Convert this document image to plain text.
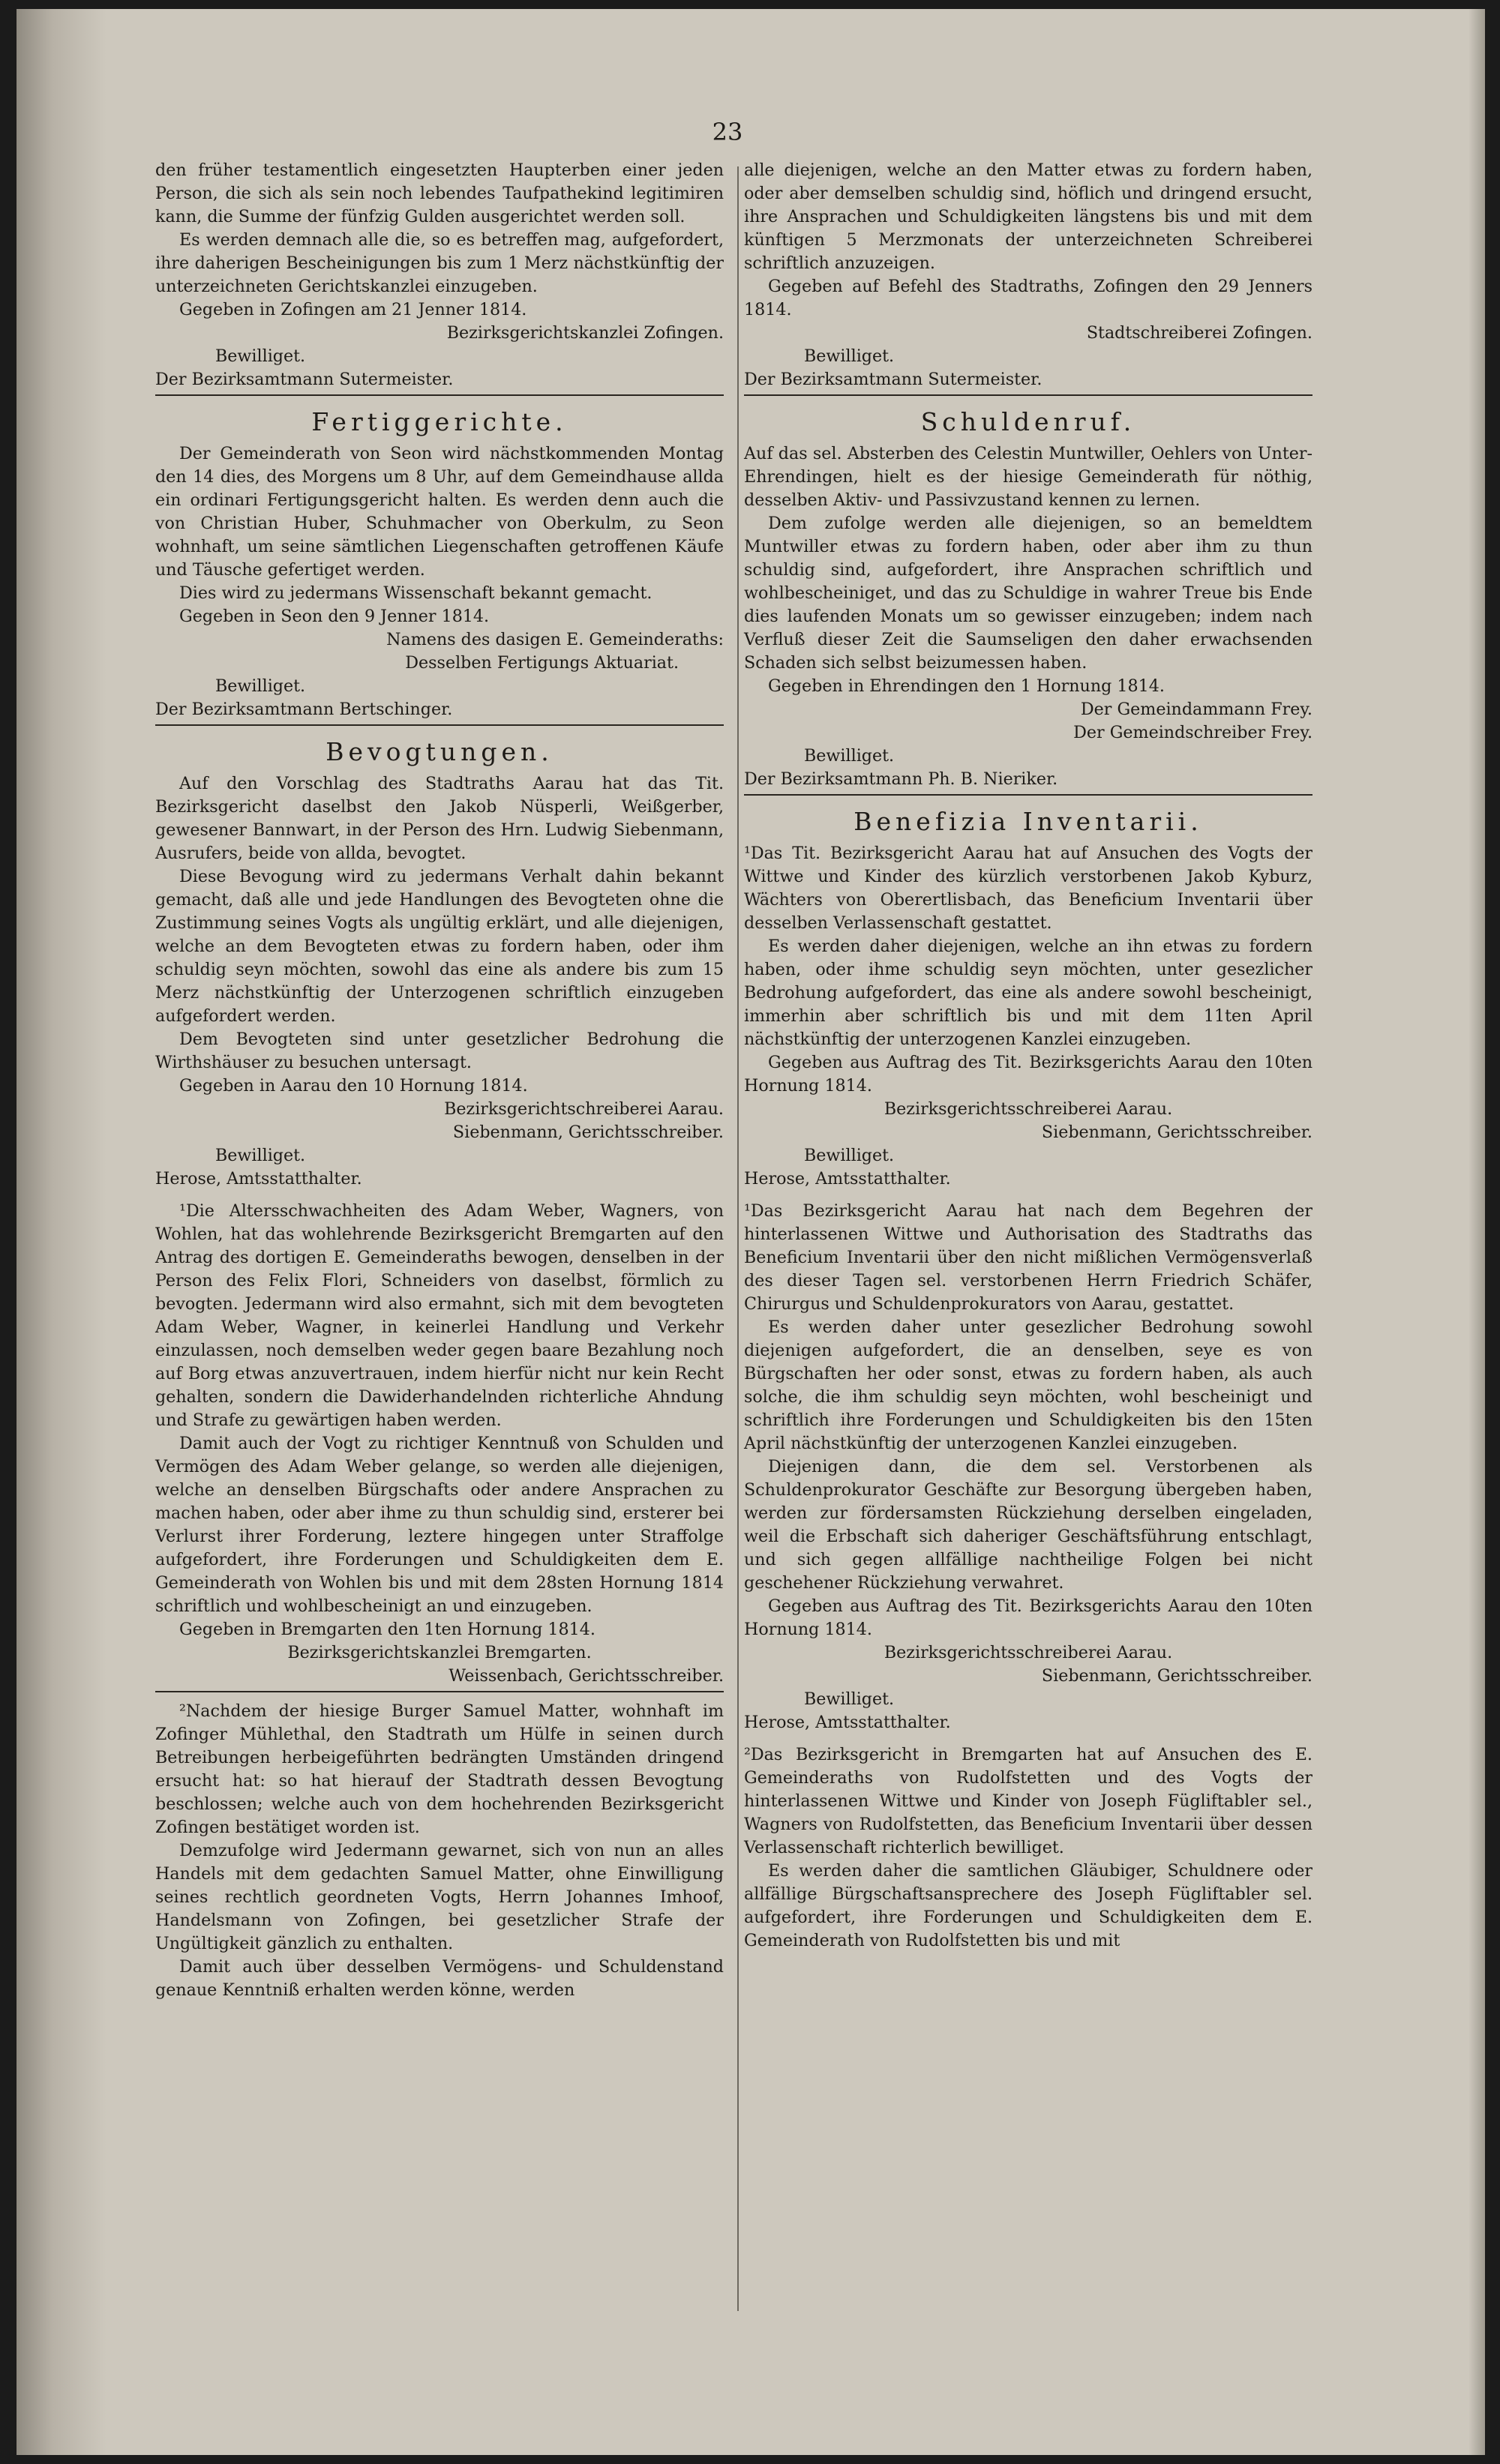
23

den früher testamentlich eingesetzten Haupterben einer jeden Person, die sich als sein noch lebendes Taufpathekind legitimiren kann, die Summe der fünfzig Gulden ausgerichtet werden soll.

Es werden demnach alle die, so es betreffen mag, aufgefordert, ihre daherigen Bescheinigungen bis zum 1 Merz nächstkünftig der unterzeichneten Gerichtskanzlei einzugeben.

Gegeben in Zofingen am 21 Jenner 1814.

Bezirksgerichtskanzlei Zofingen.

Bewilliget.

Der Bezirksamtmann Sutermeister.

Fertiggerichte.

Der Gemeinderath von Seon wird nächstkommenden Montag den 14 dies, des Morgens um 8 Uhr, auf dem Gemeindhause allda ein ordinari Fertigungsgericht halten. Es werden denn auch die von Christian Huber, Schuhmacher von Oberkulm, zu Seon wohnhaft, um seine sämtlichen Liegenschaften getroffenen Käufe und Täusche gefertiget werden.

Dies wird zu jedermans Wissenschaft bekannt gemacht.

Gegeben in Seon den 9 Jenner 1814.

Namens des dasigen E. Gemeinderaths:

Desselben Fertigungs Aktuariat.

Bewilliget.

Der Bezirksamtmann Bertschinger.

Bevogtungen.

Auf den Vorschlag des Stadtraths Aarau hat das Tit. Bezirksgericht daselbst den Jakob Nüsperli, Weißgerber, gewesener Bannwart, in der Person des Hrn. Ludwig Siebenmann, Ausrufers, beide von allda, bevogtet.

Diese Bevogung wird zu jedermans Verhalt dahin bekannt gemacht, daß alle und jede Handlungen des Bevogteten ohne die Zustimmung seines Vogts als ungültig erklärt, und alle diejenigen, welche an dem Bevogteten etwas zu fordern haben, oder ihm schuldig seyn möchten, sowohl das eine als andere bis zum 15 Merz nächstkünftig der Unterzogenen schriftlich einzugeben aufgefordert werden.

Dem Bevogteten sind unter gesetzlicher Bedrohung die Wirthshäuser zu besuchen untersagt.

Gegeben in Aarau den 10 Hornung 1814.

Bezirksgerichtschreiberei Aarau.

Siebenmann, Gerichtsschreiber.

Bewilliget.

Herose, Amtsstatthalter.

¹Die Altersschwachheiten des Adam Weber, Wagners, von Wohlen, hat das wohlehrende Bezirksgericht Bremgarten auf den Antrag des dortigen E. Gemeinderaths bewogen, denselben in der Person des Felix Flori, Schneiders von daselbst, förmlich zu bevogten. Jedermann wird also ermahnt, sich mit dem bevogteten Adam Weber, Wagner, in keinerlei Handlung und Verkehr einzulassen, noch demselben weder gegen baare Bezahlung noch auf Borg etwas anzuvertrauen, indem hierfür nicht nur kein Recht gehalten, sondern die Dawiderhandelnden richterliche Ahndung und Strafe zu gewärtigen haben werden.

Damit auch der Vogt zu richtiger Kenntnuß von Schulden und Vermögen des Adam Weber gelange, so werden alle diejenigen, welche an denselben Bürgschafts oder andere Ansprachen zu machen haben, oder aber ihme zu thun schuldig sind, ersterer bei Verlurst ihrer Forderung, leztere hingegen unter Straffolge aufgefordert, ihre Forderungen und Schuldigkeiten dem E. Gemeinderath von Wohlen bis und mit dem 28sten Hornung 1814 schriftlich und wohlbescheinigt an und einzugeben.

Gegeben in Bremgarten den 1ten Hornung 1814.

Bezirksgerichtskanzlei Bremgarten.

Weissenbach, Gerichtsschreiber.

²Nachdem der hiesige Burger Samuel Matter, wohnhaft im Zofinger Mühlethal, den Stadtrath um Hülfe in seinen durch Betreibungen herbeigeführten bedrängten Umständen dringend ersucht hat: so hat hierauf der Stadtrath dessen Bevogtung beschlossen; welche auch von dem hochehrenden Bezirksgericht Zofingen bestätiget worden ist.

Demzufolge wird Jedermann gewarnet, sich von nun an alles Handels mit dem gedachten Samuel Matter, ohne Einwilligung seines rechtlich geordneten Vogts, Herrn Johannes Imhoof, Handelsmann von Zofingen, bei gesetzlicher Strafe der Ungültigkeit gänzlich zu enthalten.

Damit auch über desselben Vermögens- und Schuldenstand genaue Kenntniß erhalten werden könne, werden

alle diejenigen, welche an den Matter etwas zu fordern haben, oder aber demselben schuldig sind, höflich und dringend ersucht, ihre Ansprachen und Schuldigkeiten längstens bis und mit dem künftigen 5 Merzmonats der unterzeichneten Schreiberei schriftlich anzuzeigen.

Gegeben auf Befehl des Stadtraths, Zofingen den 29 Jenners 1814.

Stadtschreiberei Zofingen.

Bewilliget.

Der Bezirksamtmann Sutermeister.

Schuldenruf.

Auf das sel. Absterben des Celestin Muntwiller, Oehlers von Unter-Ehrendingen, hielt es der hiesige Gemeinderath für nöthig, desselben Aktiv- und Passivzustand kennen zu lernen.

Dem zufolge werden alle diejenigen, so an bemeldtem Muntwiller etwas zu fordern haben, oder aber ihm zu thun schuldig sind, aufgefordert, ihre Ansprachen schriftlich und wohlbescheiniget, und das zu Schuldige in wahrer Treue bis Ende dies laufenden Monats um so gewisser einzugeben; indem nach Verfluß dieser Zeit die Saumseligen den daher erwachsenden Schaden sich selbst beizumessen haben.

Gegeben in Ehrendingen den 1 Hornung 1814.

Der Gemeindammann Frey.

Der Gemeindschreiber Frey.

Bewilliget.

Der Bezirksamtmann Ph. B. Nieriker.

Benefizia Inventarii.

¹Das Tit. Bezirksgericht Aarau hat auf Ansuchen des Vogts der Wittwe und Kinder des kürzlich verstorbenen Jakob Kyburz, Wächters von Oberertlisbach, das Beneficium Inventarii über desselben Verlassenschaft gestattet.

Es werden daher diejenigen, welche an ihn etwas zu fordern haben, oder ihme schuldig seyn möchten, unter gesezlicher Bedrohung aufgefordert, das eine als andere sowohl bescheinigt, immerhin aber schriftlich bis und mit dem 11ten April nächstkünftig der unterzogenen Kanzlei einzugeben.

Gegeben aus Auftrag des Tit. Bezirksgerichts Aarau den 10ten Hornung 1814.

Bezirksgerichtsschreiberei Aarau.

Siebenmann, Gerichtsschreiber.

Bewilliget.

Herose, Amtsstatthalter.

¹Das Bezirksgericht Aarau hat nach dem Begehren der hinterlassenen Wittwe und Authorisation des Stadtraths das Beneficium Inventarii über den nicht mißlichen Vermögensverlaß des dieser Tagen sel. verstorbenen Herrn Friedrich Schäfer, Chirurgus und Schuldenprokurators von Aarau, gestattet.

Es werden daher unter gesezlicher Bedrohung sowohl diejenigen aufgefordert, die an denselben, seye es von Bürgschaften her oder sonst, etwas zu fordern haben, als auch solche, die ihm schuldig seyn möchten, wohl bescheinigt und schriftlich ihre Forderungen und Schuldigkeiten bis den 15ten April nächstkünftig der unterzogenen Kanzlei einzugeben.

Diejenigen dann, die dem sel. Verstorbenen als Schuldenprokurator Geschäfte zur Besorgung übergeben haben, werden zur fördersamsten Rückziehung derselben eingeladen, weil die Erbschaft sich daheriger Geschäftsführung entschlagt, und sich gegen allfällige nachtheilige Folgen bei nicht geschehener Rückziehung verwahret.

Gegeben aus Auftrag des Tit. Bezirksgerichts Aarau den 10ten Hornung 1814.

Bezirksgerichtsschreiberei Aarau.

Siebenmann, Gerichtsschreiber.

Bewilliget.

Herose, Amtsstatthalter.

²Das Bezirksgericht in Bremgarten hat auf Ansuchen des E. Gemeinderaths von Rudolfstetten und des Vogts der hinterlassenen Wittwe und Kinder von Joseph Fügliftabler sel., Wagners von Rudolfstetten, das Beneficium Inventarii über dessen Verlassenschaft richterlich bewilliget.

Es werden daher die samtlichen Gläubiger, Schuldnere oder allfällige Bürgschaftsansprechere des Joseph Fügliftabler sel. aufgefordert, ihre Forderungen und Schuldigkeiten dem E. Gemeinderath von Rudolfstetten bis und mit
